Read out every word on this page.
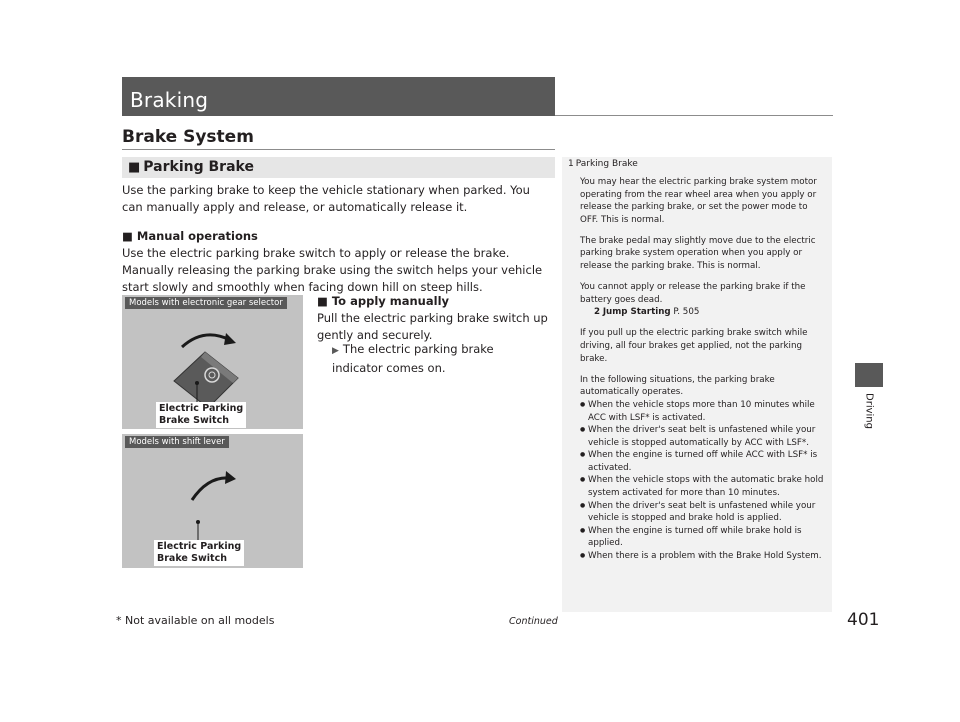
Braking
Brake System
■ Parking Brake
Use the parking brake to keep the vehicle stationary when parked. You can manually apply and release, or automatically release it.
■ Manual operations
Use the electric parking brake switch to apply or release the brake. Manually releasing the parking brake using the switch helps your vehicle start slowly and smoothly when facing down hill on steep hills.
■ To apply manually
Pull the electric parking brake switch up gently and securely.
▶ The electric parking brake indicator comes on.
Models with electronic gear selector
Electric Parking
Brake Switch
Models with shift lever
Electric Parking
Brake Switch
1 Parking Brake

You may hear the electric parking brake system motor operating from the rear wheel area when you apply or release the parking brake, or set the power mode to OFF. This is normal.

The brake pedal may slightly move due to the electric parking brake system operation when you apply or release the parking brake. This is normal.

You cannot apply or release the parking brake if the battery goes dead.
2 Jump Starting P. 505

If you pull up the electric parking brake switch while driving, all four brakes get applied, not the parking brake.

In the following situations, the parking brake automatically operates.

● When the vehicle stops more than 10 minutes while ACC with LSF* is activated.
● When the driver's seat belt is unfastened while your vehicle is stopped automatically by ACC with LSF*.
● When the engine is turned off while ACC with LSF* is activated.
● When the vehicle stops with the automatic brake hold system activated for more than 10 minutes.
● When the driver's seat belt is unfastened while your vehicle is stopped and brake hold is applied.
● When the engine is turned off while brake hold is applied.
● When there is a problem with the Brake Hold System.
Driving
* Not available on all models	Continued	401
